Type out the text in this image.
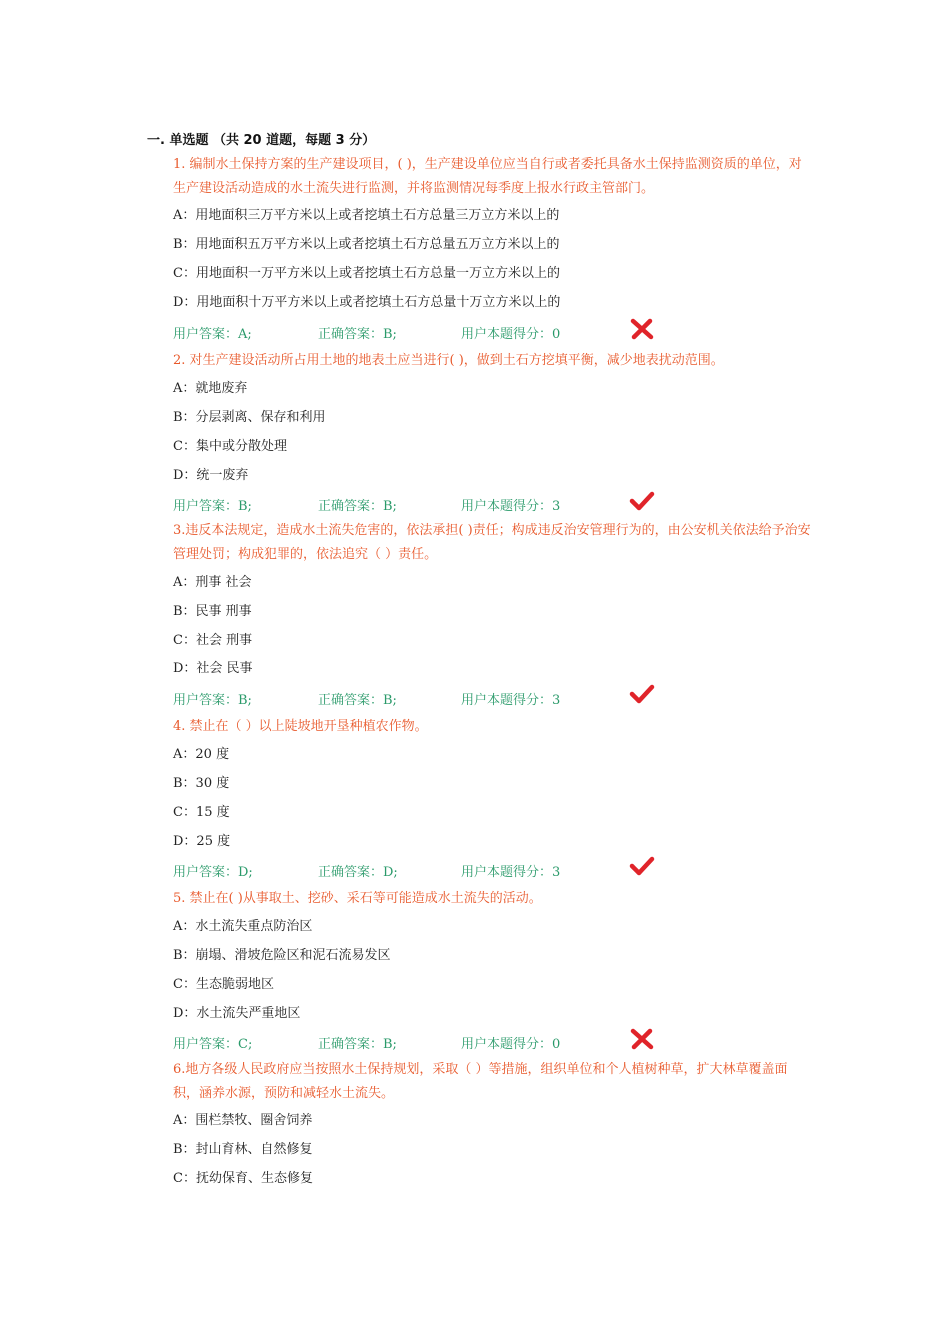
一. 单选题 （共 20 道题，每题 3 分）
1. 编制水土保持方案的生产建设项目，( )，生产建设单位应当自行或者委托具备水土保持监测资质的单位，对生产建设活动造成的水土流失进行监测，并将监测情况每季度上报水行政主管部门。
A：用地面积三万平方米以上或者挖填土石方总量三万立方米以上的
B：用地面积五万平方米以上或者挖填土石方总量五万立方米以上的
C：用地面积一万平方米以上或者挖填土石方总量一万立方米以上的
D：用地面积十万平方米以上或者挖填土石方总量十万立方米以上的
用户答案：A;	正确答案：B;	用户本题得分：0
2. 对生产建设活动所占用土地的地表土应当进行( )，做到土石方挖填平衡，减少地表扰动范围。
A：就地废弃
B：分层剥离、保存和利用
C：集中或分散处理
D：统一废弃
用户答案：B;	正确答案：B;	用户本题得分：3
3.违反本法规定，造成水土流失危害的，依法承担( )责任；构成违反治安管理行为的，由公安机关依法给予治安管理处罚；构成犯罪的，依法追究（ ）责任。
A：刑事 社会
B：民事 刑事
C：社会 刑事
D：社会 民事
用户答案：B;	正确答案：B;	用户本题得分：3
4. 禁止在（ ）以上陡坡地开垦种植农作物。
A：20 度
B：30 度
C：15 度
D：25 度
用户答案：D;	正确答案：D;	用户本题得分：3
5. 禁止在( )从事取土、挖砂、采石等可能造成水土流失的活动。
A：水土流失重点防治区
B：崩塌、滑坡危险区和泥石流易发区
C：生态脆弱地区
D：水土流失严重地区
用户答案：C;	正确答案：B;	用户本题得分：0
6.地方各级人民政府应当按照水土保持规划，采取（ ）等措施，组织单位和个人植树种草，扩大林草覆盖面积，涵养水源，预防和减轻水土流失。
A：围栏禁牧、圈舍饲养
B：封山育林、自然修复
C：抚幼保育、生态修复
